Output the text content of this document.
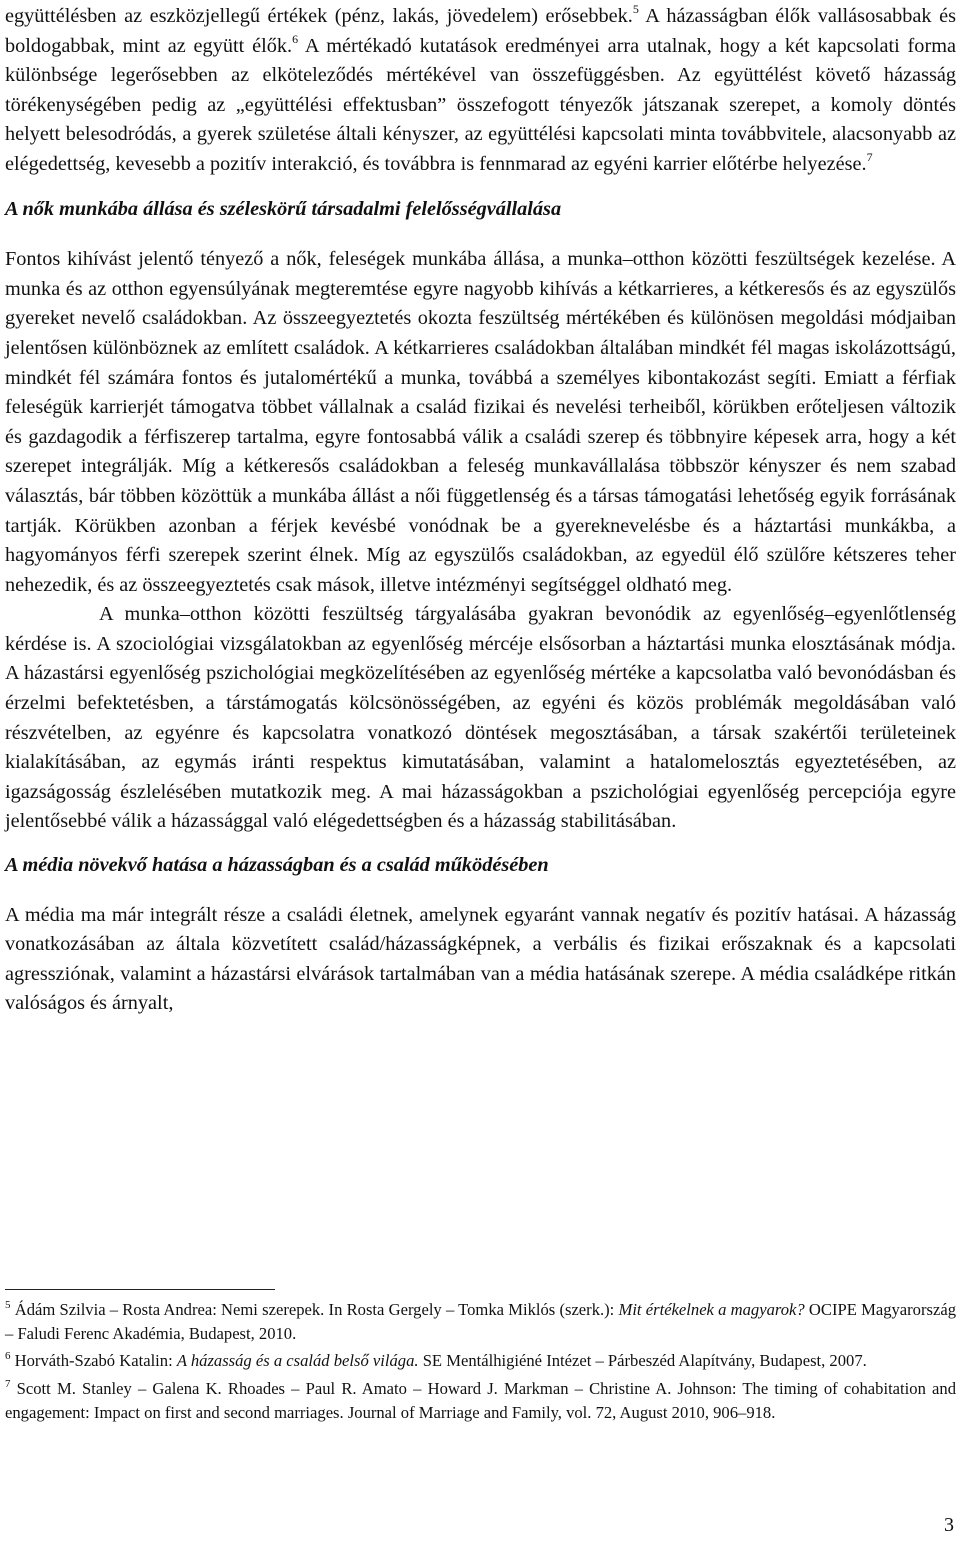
együttélésben az eszközjellegű értékek (pénz, lakás, jövedelem) erősebbek.$^5$ A házasságban élők vallásosabbak és boldogabbak, mint az együtt élők.$^6$ A mértékadó kutatások eredményei arra utalnak, hogy a két kapcsolati forma különbsége legerősebben az elköteleződés mértékével van összefüggésben. Az együttélést követő házasság törékenységében pedig az „együttélési effektusban” összefogott tényezők játszanak szerepet, a komoly döntés helyett belesodródás, a gyerek születése általi kényszer, az együttélési kapcsolati minta továbbvitele, alacsonyabb az elégedettség, kevesebb a pozitív interakció, és továbbra is fennmarad az egyéni karrier előtérbe helyezése.$^7$

A nők munkába állása és széleskörű társadalmi felelősségvállalása

Fontos kihívást jelentő tényező a nők, feleségek munkába állása, a munka–otthon közötti feszültségek kezelése. A munka és az otthon egyensúlyának megteremtése egyre nagyobb kihívás a kétkarrieres, a kétkeresős és az egyszülős gyereket nevelő családokban. Az összeegyeztetés okozta feszültség mértékében és különösen megoldási módjaiban jelentősen különböznek az említett családok. A kétkarrieres családokban általában mindkét fél magas iskolázottságú, mindkét fél számára fontos és jutalomértékű a munka, továbbá a személyes kibontakozást segíti. Emiatt a férfiak feleségük karrierjét támogatva többet vállalnak a család fizikai és nevelési terheiből, körükben erőteljesen változik és gazdagodik a férfiszerep tartalma, egyre fontosabbá válik a családi szerep és többnyire képesek arra, hogy a két szerepet integrálják. Míg a kétkeresős családokban a feleség munkavállalása többször kényszer és nem szabad választás, bár többen közöttük a munkába állást a női függetlenség és a társas támogatási lehetőség egyik forrásának tartják. Körükben azonban a férjek kevésbé vonódnak be a gyereknevelésbe és a háztartási munkákba, a hagyományos férfi szerepek szerint élnek. Míg az egyszülős családokban, az egyedül élő szülőre kétszeres teher nehezedik, és az összeegyeztetés csak mások, illetve intézményi segítséggel oldható meg.

A munka–otthon közötti feszültség tárgyalásába gyakran bevonódik az egyenlőség–egyenlőtlenség kérdése is. A szociológiai vizsgálatokban az egyenlőség mércéje elsősorban a háztartási munka elosztásának módja. A házastársi egyenlőség pszichológiai megközelítésében az egyenlőség mértéke a kapcsolatba való bevonódásban és érzelmi befektetésben, a társtámogatás kölcsönösségében, az egyéni és közös problémák megoldásában való részvételben, az egyénre és kapcsolatra vonatkozó döntések megosztásában, a társak szakértői területeinek kialakításában, az egymás iránti respektus kimutatásában, valamint a hatalomelosztás egyeztetésében, az igazságosság észlelésében mutatkozik meg. A mai házasságokban a pszichológiai egyenlőség percepciója egyre jelentősebbé válik a házassággal való elégedettségben és a házasság stabilitásában.

A média növekvő hatása a házasságban és a család működésében

A média ma már integrált része a családi életnek, amelynek egyaránt vannak negatív és pozitív hatásai. A házasság vonatkozásában az általa közvetített család/házasságképnek, a verbális és fizikai erőszaknak és a kapcsolati agressziónak, valamint a házastársi elvárások tartalmában van a média hatásának szerepe. A média családképe ritkán valóságos és árnyalt,

$^5$ Ádám Szilvia – Rosta Andrea: Nemi szerepek. In Rosta Gergely – Tomka Miklós (szerk.): Mit értékelnek a magyarok? OCIPE Magyarország – Faludi Ferenc Akadémia, Budapest, 2010.

$^6$ Horváth-Szabó Katalin: A házasság és a család belső világa. SE Mentálhigiéné Intézet – Párbeszéd Alapítvány, Budapest, 2007.

$^7$ Scott M. Stanley – Galena K. Rhoades – Paul R. Amato – Howard J. Markman – Christine A. Johnson: The timing of cohabitation and engagement: Impact on first and second marriages. Journal of Marriage and Family, vol. 72, August 2010, 906–918.

3
